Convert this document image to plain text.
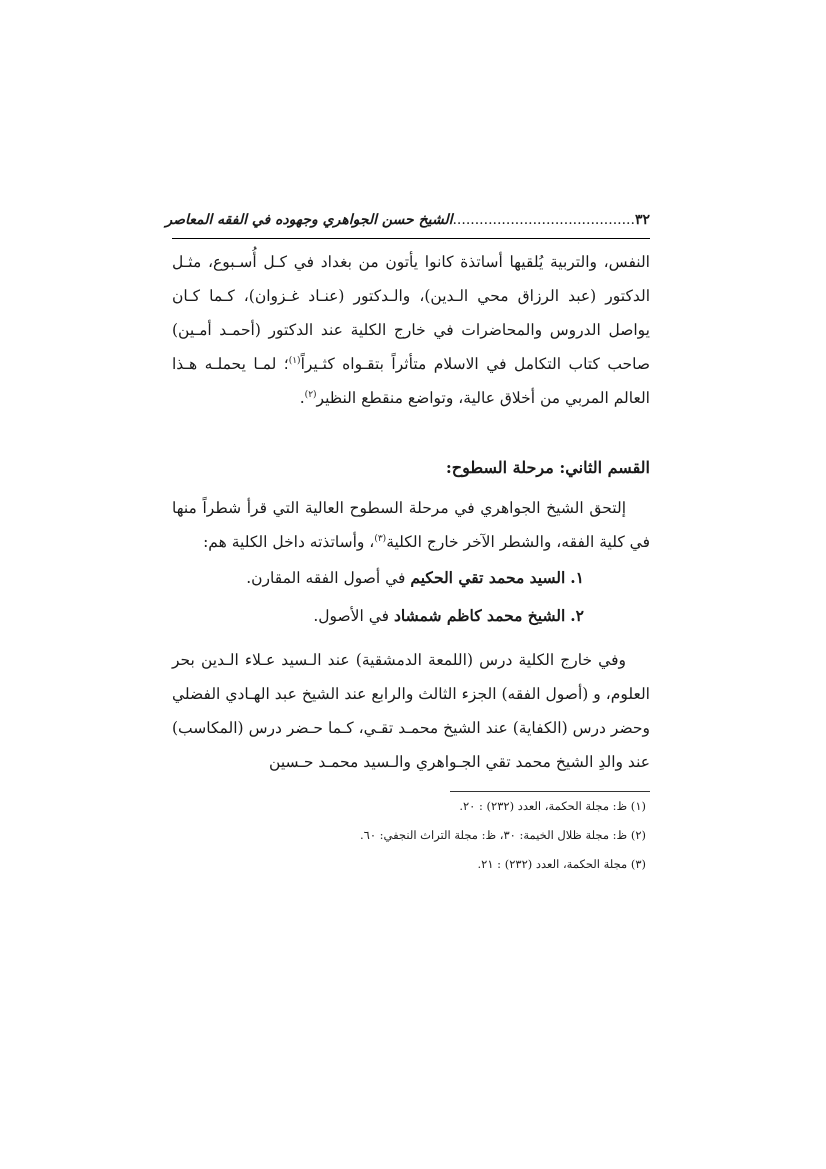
٣٢
.........................................
الشيخ حسن الجواهري وجهوده في الفقه المعاصر

النفس، والتربية يُلقيها أساتذة كانوا يأتون من بغداد في كـل أُسـبوع، مثـل الدكتور (عبد الرزاق محي الـدين)، والـدكتور (عنـاد غـزوان)، كـما كـان يواصل الدروس والمحاضرات في خارج الكلية عند الدكتور (أحمـد أمـين) صاحب كتاب التكامل في الاسلام متأثراً بتقـواه كثـيراً$^{(١)}$؛ لمـا يحملـه هـذا العالم المربي من أخلاق عالية، وتواضع منقطع النظير$^{(٢)}$.

القسم الثاني: مرحلة السطوح:

إلتحق الشيخ الجواهري في مرحلة السطوح العالية التي قرأ شطراً منها في كلية الفقه، والشطر الآخر خارج الكلية$^{(٣)}$، وأساتذته داخل الكلية هم:

١. السيد محمد تقي الحكيم في أصول الفقه المقارن.
٢. الشيخ محمد كاظم شمشاد في الأصول.

وفي خارج الكلية درس (اللمعة الدمشقية) عند الـسيد عـلاء الـدين بحر العلوم، و (أصول الفقه) الجزء الثالث والرابع عند الشيخ عبد الهـادي الفضلي وحضر درس (الكفاية) عند الشيخ محمـد تقـي، كـما حـضر درس (المكاسب) عند والدِ الشيخ محمد تقي الجـواهري والـسيد محمـد حـسين

(١) ظ: مجلة الحكمة، العدد (٢٣٢) : ٢٠.
(٢) ظ: مجلة ظلال الخيمة: ٣٠، ظ: مجلة التراث النجفي: ٦٠.
(٣) مجلة الحكمة، العدد (٢٣٢) : ٢١.
